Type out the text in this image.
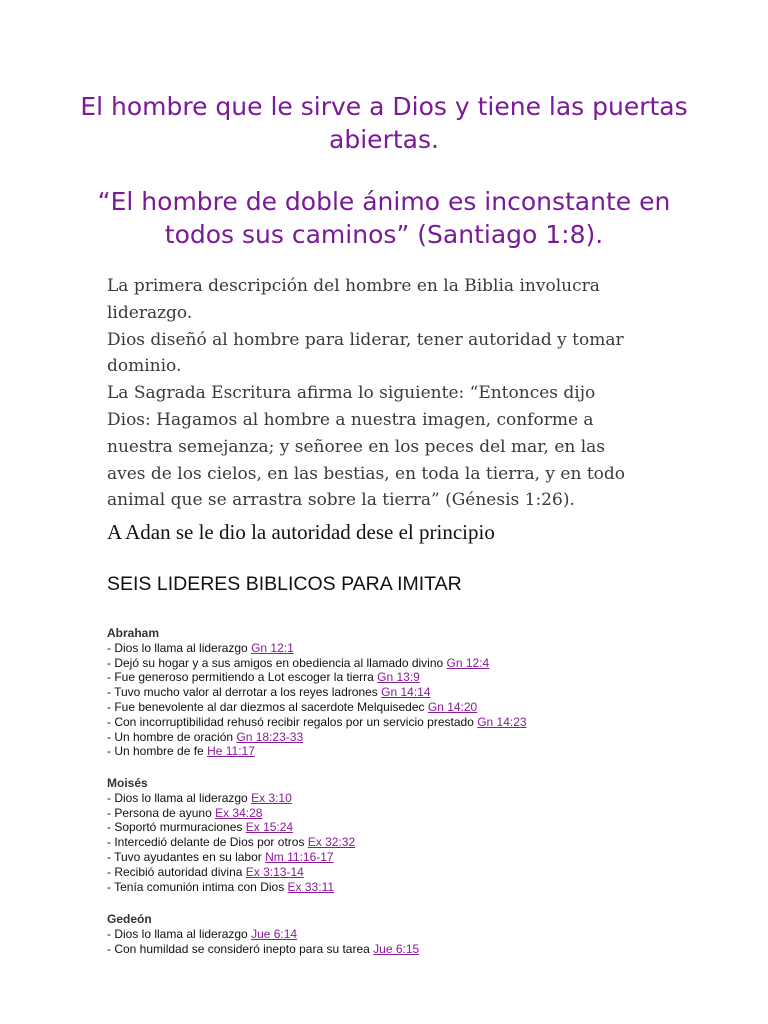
El hombre que le sirve a Dios y tiene las puertas abiertas.
“El hombre de doble ánimo es inconstante en todos sus caminos” (Santiago 1:8).
La primera descripción del hombre en la Biblia involucra liderazgo.
Dios diseñó al hombre para liderar, tener autoridad y tomar dominio.
La Sagrada Escritura afirma lo siguiente: “Entonces dijo Dios: Hagamos al hombre a nuestra imagen, conforme a nuestra semejanza; y señoree en los peces del mar, en las aves de los cielos, en las bestias, en toda la tierra, y en todo animal que se arrastra sobre la tierra” (Génesis 1:26).

A Adan se le dio la autoridad dese el principio

SEIS LIDERES BIBLICOS PARA IMITAR
Abraham
- Dios lo llama al liderazgo Gn 12:1
- Dejó su hogar y a sus amigos en obediencia al llamado divino Gn 12:4
- Fue generoso permitiendo a Lot escoger la tierra Gn 13:9
- Tuvo mucho valor al derrotar a los reyes ladrones Gn 14:14
- Fue benevolente al dar diezmos al sacerdote Melquisedec Gn 14:20
- Con incorruptibilidad rehusó recibir regalos por un servicio prestado Gn 14:23
- Un hombre de oración Gn 18:23-33
- Un hombre de fe He 11:17
Moisés
- Dios lo llama al liderazgo Ex 3:10
- Persona de ayuno Ex 34:28
- Soportó murmuraciones Ex 15:24
- Intercedió delante de Dios por otros Ex 32:32
- Tuvo ayudantes en su labor Nm 11:16-17
- Recibió autoridad divina Ex 3:13-14
- Tenía comunión intima con Dios Ex 33:11
Gedeón
- Dios lo llama al liderazgo Jue 6:14
- Con humildad se consideró inepto para su tarea Jue 6:15
